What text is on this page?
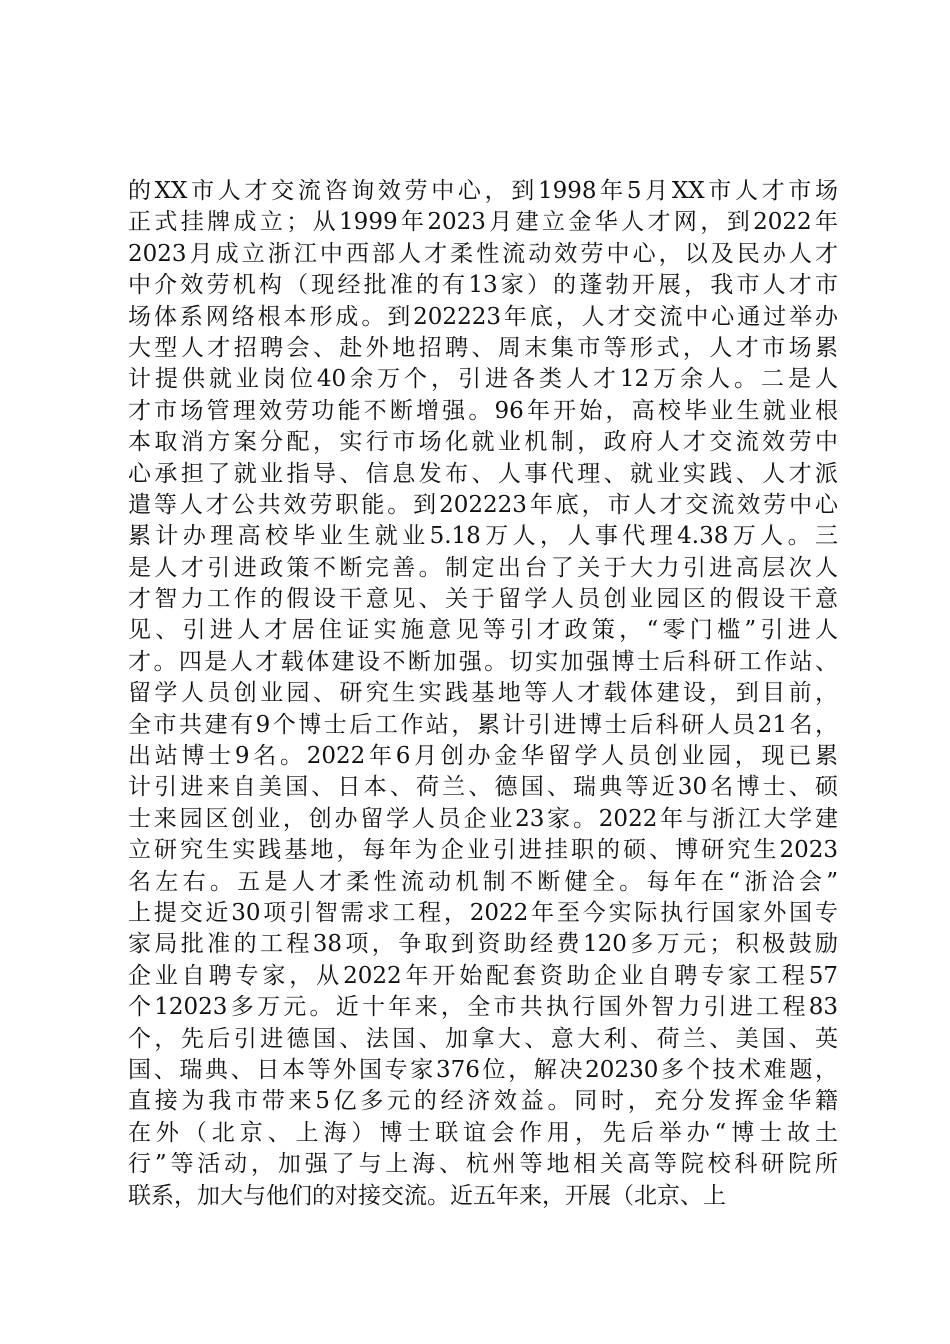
的XX市人才交流咨询效劳中心，到1998年5月XX市人才市场
正式挂牌成立；从1999年2023月建立金华人才网，到2022年
2023月成立浙江中西部人才柔性流动效劳中心，以及民办人才
中介效劳机构（现经批准的有13家）的蓬勃开展，我市人才市
场体系网络根本形成。到202223年底，人才交流中心通过举办
大型人才招聘会、赴外地招聘、周末集市等形式，人才市场累
计提供就业岗位40余万个，引进各类人才12万余人。二是人
才市场管理效劳功能不断增强。96年开始，高校毕业生就业根
本取消方案分配，实行市场化就业机制，政府人才交流效劳中
心承担了就业指导、信息发布、人事代理、就业实践、人才派
遣等人才公共效劳职能。到202223年底，市人才交流效劳中心
累计办理高校毕业生就业5.18万人，人事代理4.38万人。三
是人才引进政策不断完善。制定出台了关于大力引进高层次人
才智力工作的假设干意见、关于留学人员创业园区的假设干意
见、引进人才居住证实施意见等引才政策，“零门槛”引进人
才。四是人才载体建设不断加强。切实加强博士后科研工作站、
留学人员创业园、研究生实践基地等人才载体建设，到目前，
全市共建有9个博士后工作站，累计引进博士后科研人员21名，
出站博士9名。2022年6月创办金华留学人员创业园，现已累
计引进来自美国、日本、荷兰、德国、瑞典等近30名博士、硕
士来园区创业，创办留学人员企业23家。2022年与浙江大学建
立研究生实践基地，每年为企业引进挂职的硕、博研究生2023
名左右。五是人才柔性流动机制不断健全。每年在“浙洽会”
上提交近30项引智需求工程，2022年至今实际执行国家外国专
家局批准的工程38项，争取到资助经费120多万元；积极鼓励
企业自聘专家，从2022年开始配套资助企业自聘专家工程57
个12023多万元。近十年来，全市共执行国外智力引进工程83
个，先后引进德国、法国、加拿大、意大利、荷兰、美国、英
国、瑞典、日本等外国专家376位，解决20230多个技术难题，
直接为我市带来5亿多元的经济效益。同时，充分发挥金华籍
在外（北京、上海）博士联谊会作用，先后举办“博士故土
行”等活动，加强了与上海、杭州等地相关高等院校科研院所
联系，加大与他们的对接交流。近五年来，开展（北京、上
